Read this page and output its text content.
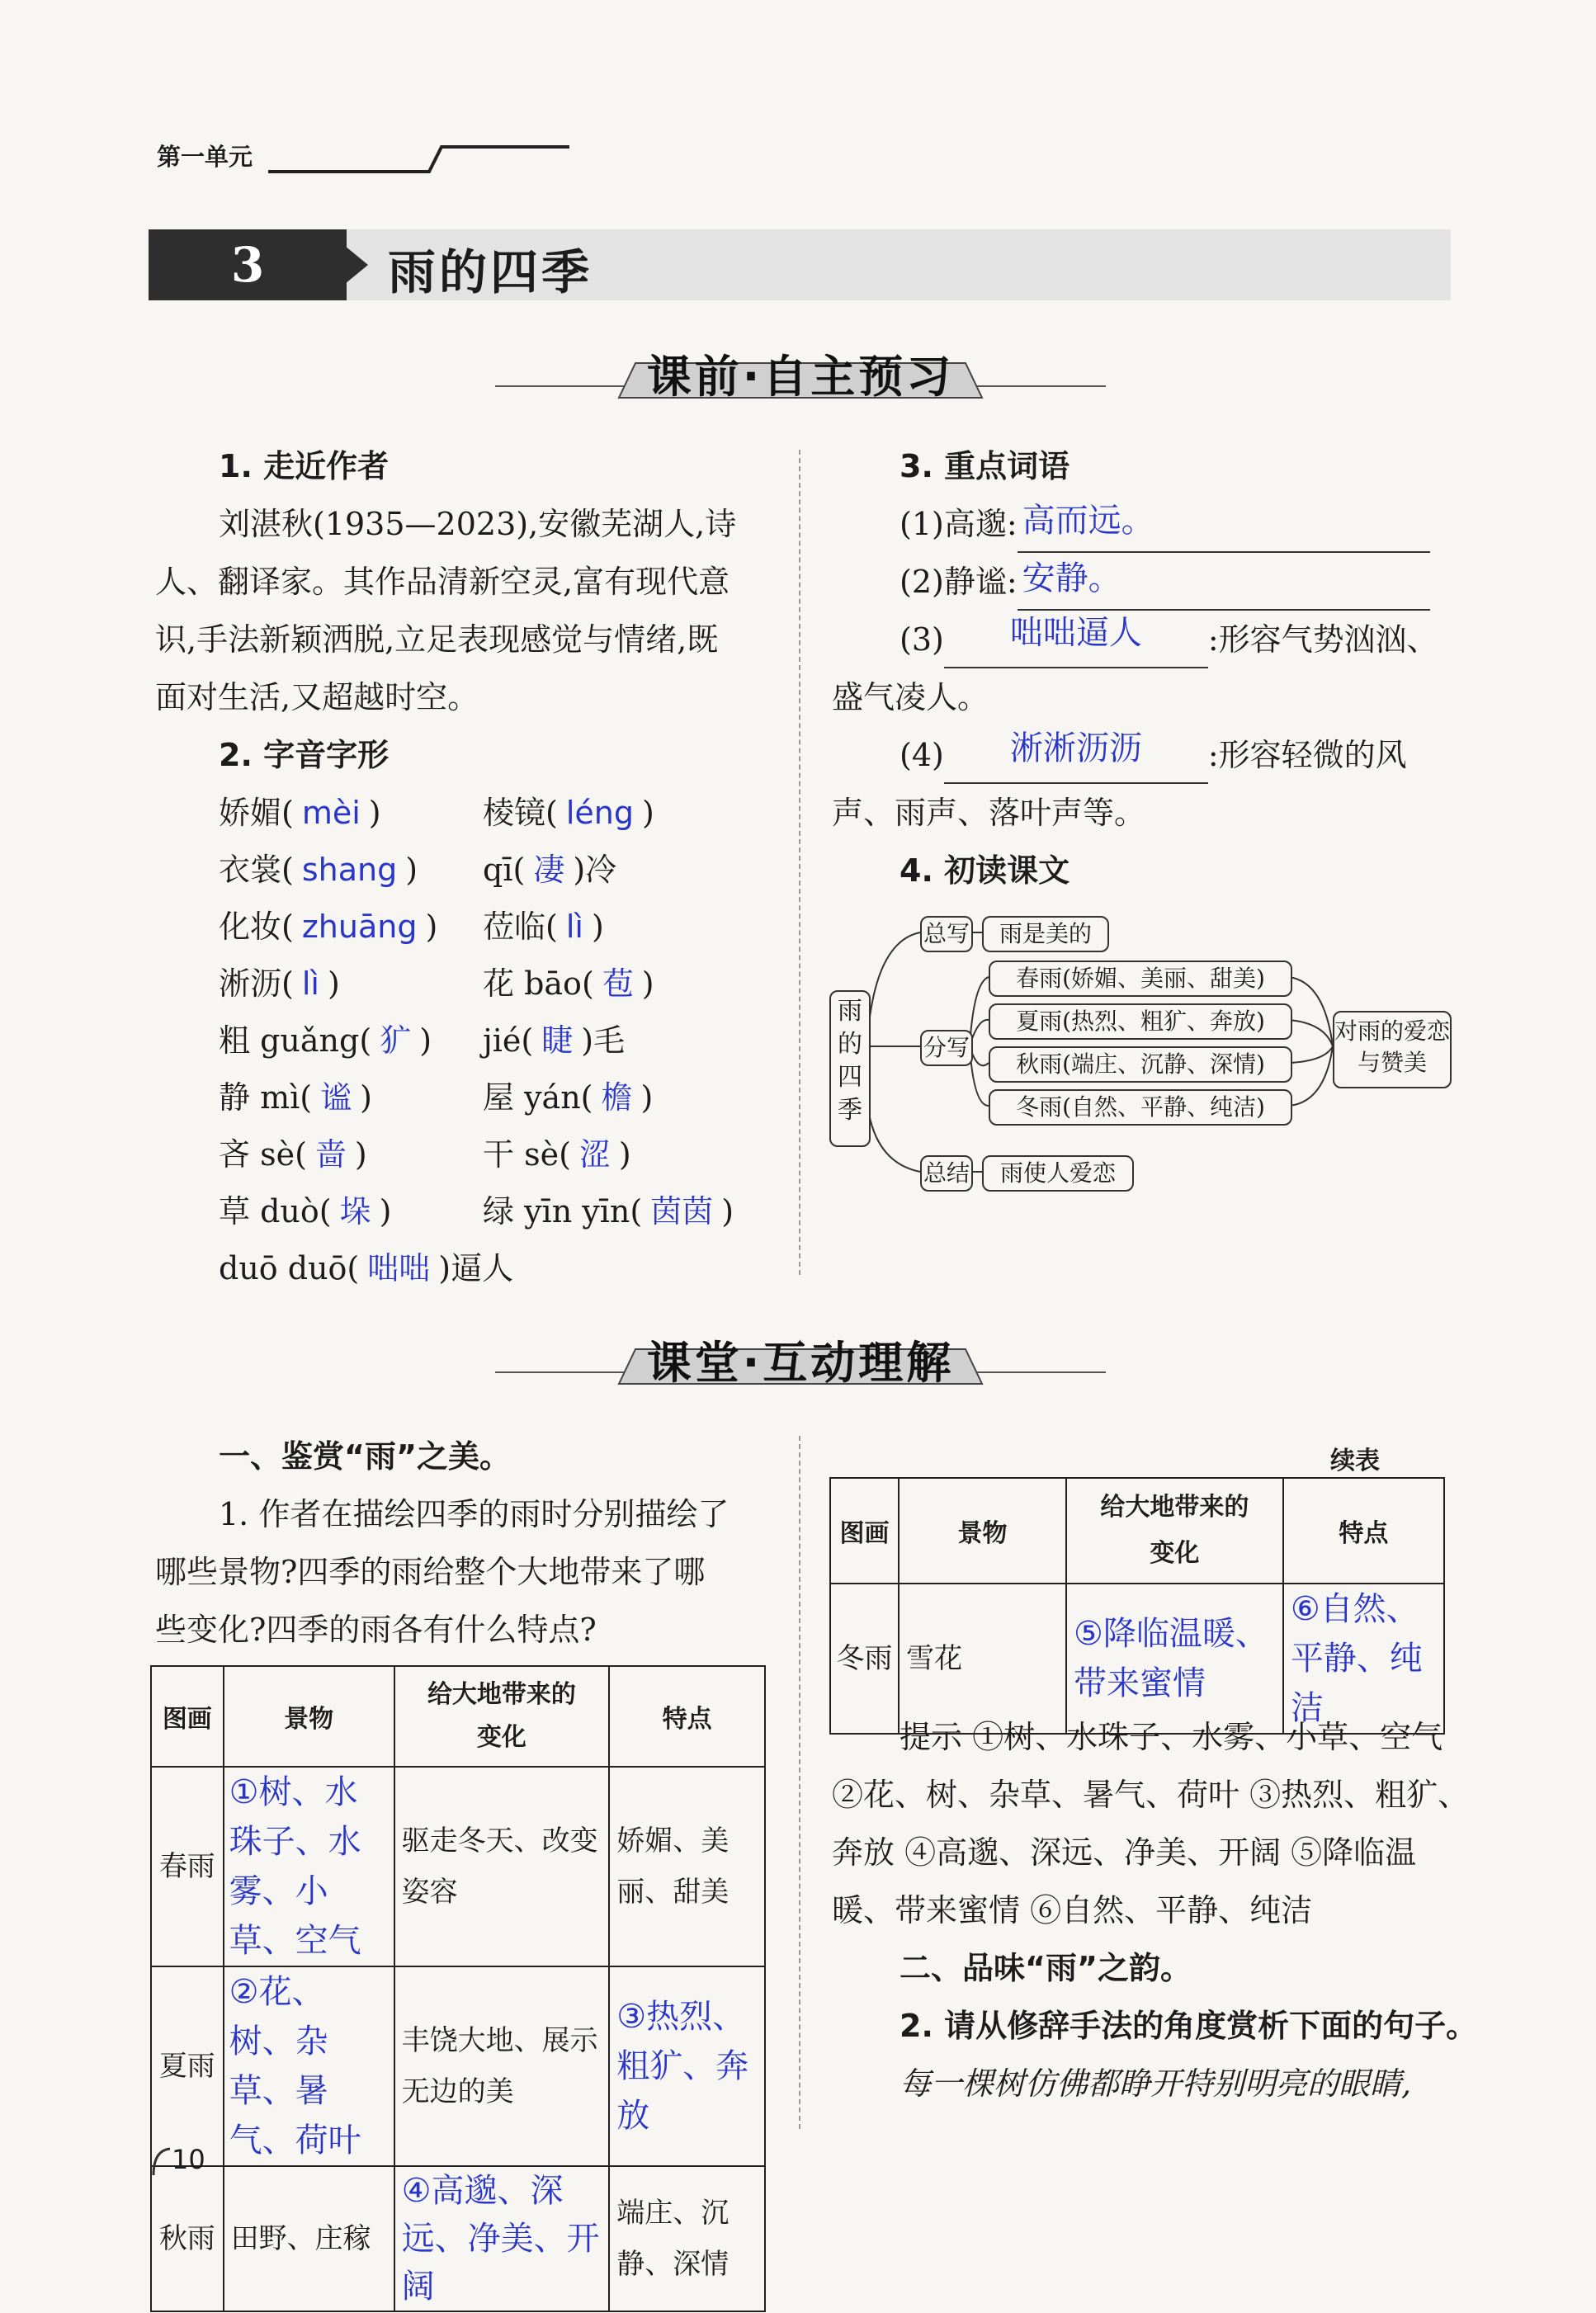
第一单元
3	雨的四季
课前·自主预习
1. 走近作者
刘湛秋(1935—2023),安徽芜湖人,诗
人、翻译家。其作品清新空灵,富有现代意
识,手法新颖洒脱,立足表现感觉与情绪,既
面对生活,又超越时空。
2. 字音字形
娇媚( mèi )	棱镜( léng )
衣裳( shang ) qī( 凄 )冷
化妆( zhuāng ) 莅临( lì )
淅沥( lì )	花 bāo( 苞 )
粗 guǎng( 犷 ) jié( 睫 )毛
静 mì( 谧 )	屋 yán( 檐 )
吝 sè( 啬 )	干 sè( 涩 )
草 duò( 垛 )	绿 yīn yīn( 茵茵 )
duō duō( 咄咄 )逼人
3. 重点词语
(1)高邈: 高而远。
(2)静谧: 安静。
(3) 咄咄逼人 :形容气势汹汹、
盛气凌人。
(4) 淅淅沥沥 :形容轻微的风
声、雨声、落叶声等。
4. 初读课文
雨的四季
总写	雨是美的
分写
春雨(娇媚、美丽、甜美)
夏雨(热烈、粗犷、奔放)
秋雨(端庄、沉静、深情)
冬雨(自然、平静、纯洁)
对雨的爱恋与赞美
总结	雨使人爱恋
课堂·互动理解
一、鉴赏“雨”之美。
1. 作者在描绘四季的雨时分别描绘了
哪些景物?四季的雨给整个大地带来了哪
些变化?四季的雨各有什么特点?
图画	景物	给大地带来的变化	特点
春雨	①树、水珠子、水雾、小草、空气	驱走冬天、改变姿容	娇媚、美丽、甜美
夏雨	②花、树、杂草、暑气、荷叶	丰饶大地、展示无边的美	③热烈、粗犷、奔放
秋雨	田野、庄稼	④高邈、深远、净美、开阔	端庄、沉静、深情
10
续表
图画	景物	给大地带来的变化	特点
冬雨	雪花	⑤降临温暖、带来蜜情	⑥自然、平静、纯洁
提示 ①树、水珠子、水雾、小草、空气
②花、树、杂草、暑气、荷叶 ③热烈、粗犷、
奔放 ④高邈、深远、净美、开阔 ⑤降临温
暖、带来蜜情 ⑥自然、平静、纯洁
二、品味“雨”之韵。
2. 请从修辞手法的角度赏析下面的句子。
每一棵树仿佛都睁开特别明亮的眼睛,
